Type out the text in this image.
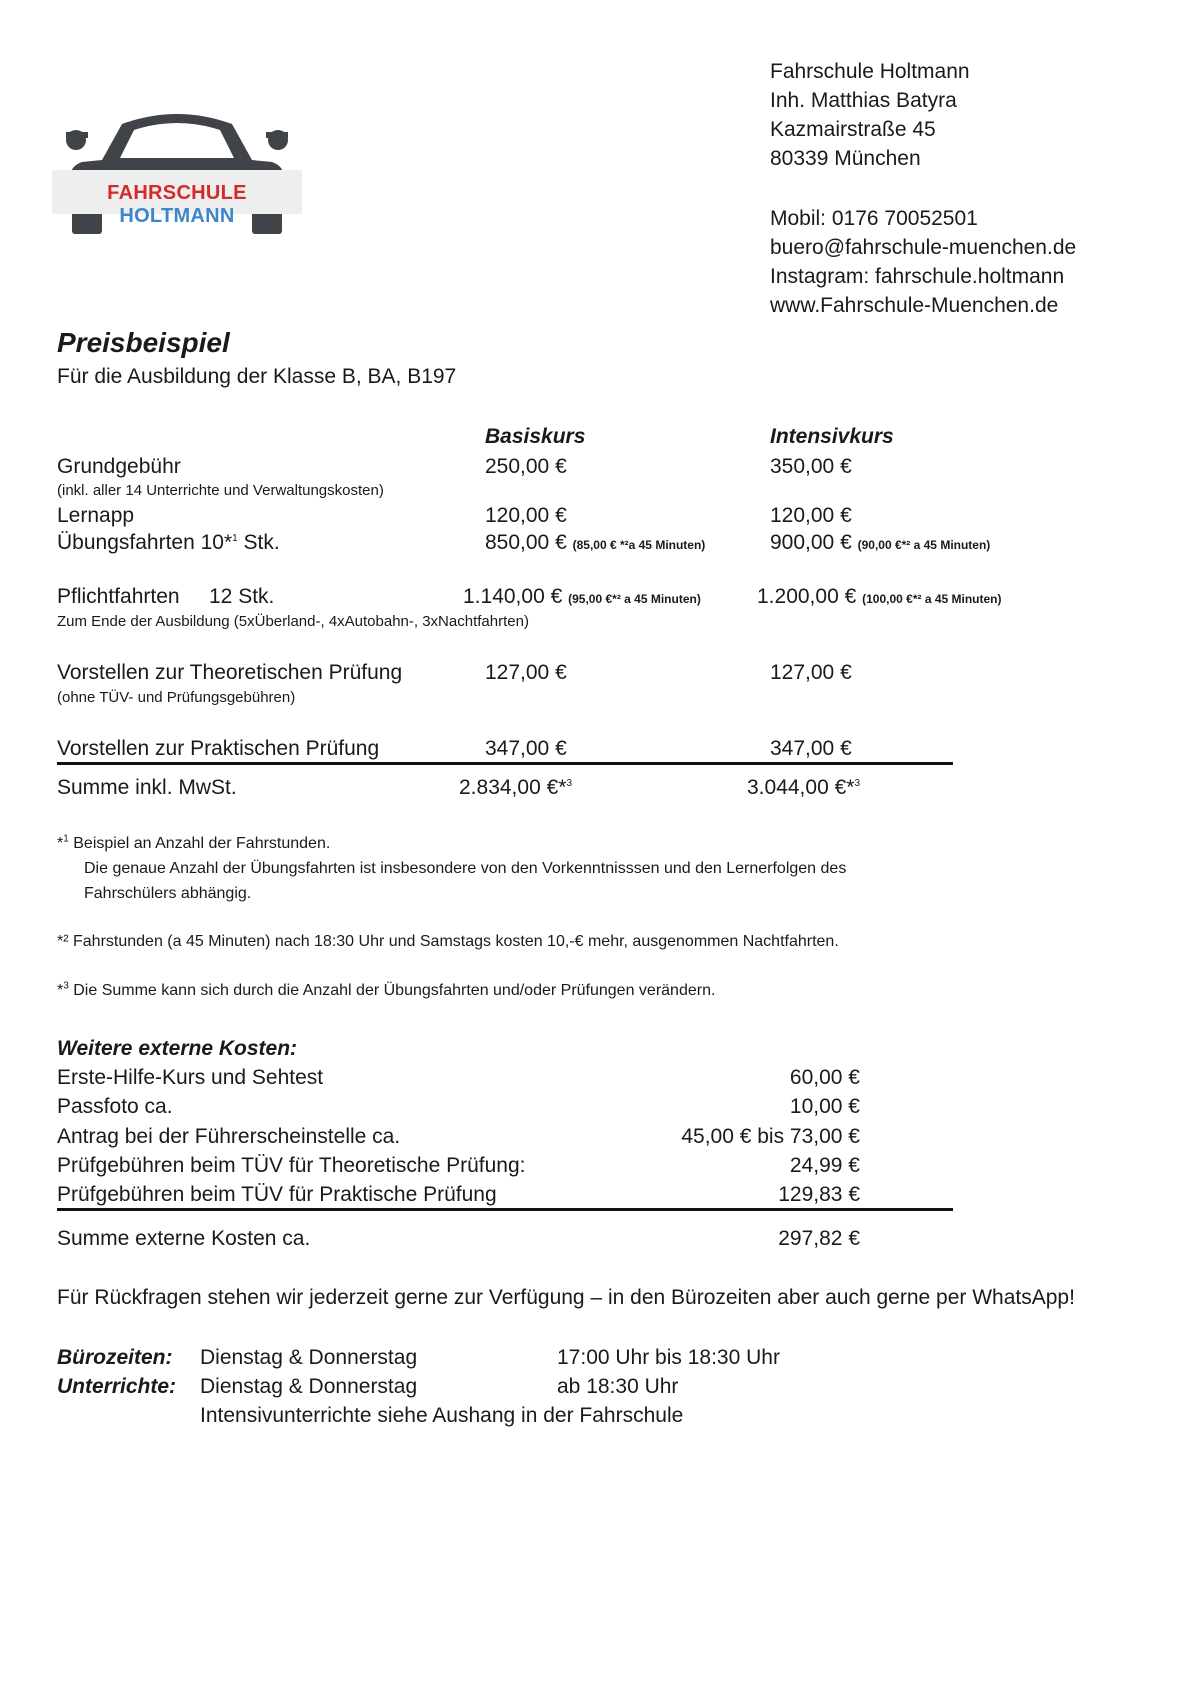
FAHRSCHULE HOLTMANN
Fahrschule Holtmann
Inh. Matthias Batyra
Kazmairstraße 45
80339 München
Mobil: 0176 70052501
buero@fahrschule-muenchen.de
Instagram: fahrschule.holtmann
www.Fahrschule-Muenchen.de
Preisbeispiel
Für die Ausbildung der Klasse B, BA, B197
Basiskurs	Intensivkurs
Grundgebühr	250,00 €	350,00 €
(inkl. aller 14 Unterrichte und Verwaltungskosten)
Lernapp	120,00 €	120,00 €
Übungsfahrten 10*$^1$ Stk.	850,00 € (85,00 € *²a 45 Minuten)	900,00 € (90,00 €*² a 45 Minuten)
Pflichtfahrten 12 Stk.	1.140,00 € (95,00 €*² a 45 Minuten)	1.200,00 € (100,00 €*² a 45 Minuten)
Zum Ende der Ausbildung (5xÜberland-, 4xAutobahn-, 3xNachtfahrten)
Vorstellen zur Theoretischen Prüfung	127,00 €	127,00 €
(ohne TÜV- und Prüfungsgebühren)
Vorstellen zur Praktischen Prüfung	347,00 €	347,00 €
Summe inkl. MwSt.	2.834,00 €*$^3$	3.044,00 €*$^3$
*$^1$ Beispiel an Anzahl der Fahrstunden.
Die genaue Anzahl der Übungsfahrten ist insbesondere von den Vorkenntnisssen und den Lernerfolgen des
Fahrschülers abhängig.
*² Fahrstunden (a 45 Minuten) nach 18:30 Uhr und Samstags kosten 10,-€ mehr, ausgenommen Nachtfahrten.
*$^3$ Die Summe kann sich durch die Anzahl der Übungsfahrten und/oder Prüfungen verändern.
Weitere externe Kosten:
Erste-Hilfe-Kurs und Sehtest	60,00 €
Passfoto ca.	10,00 €
Antrag bei der Führerscheinstelle ca.	45,00 € bis 73,00 €
Prüfgebühren beim TÜV für Theoretische Prüfung:	24,99 €
Prüfgebühren beim TÜV für Praktische Prüfung	129,83 €
Summe externe Kosten ca.	297,82 €
Für Rückfragen stehen wir jederzeit gerne zur Verfügung – in den Bürozeiten aber auch gerne per WhatsApp!
Bürozeiten: Dienstag & Donnerstag	17:00 Uhr bis 18:30 Uhr
Unterrichte: Dienstag & Donnerstag	ab 18:30 Uhr
Intensivunterrichte siehe Aushang in der Fahrschule
